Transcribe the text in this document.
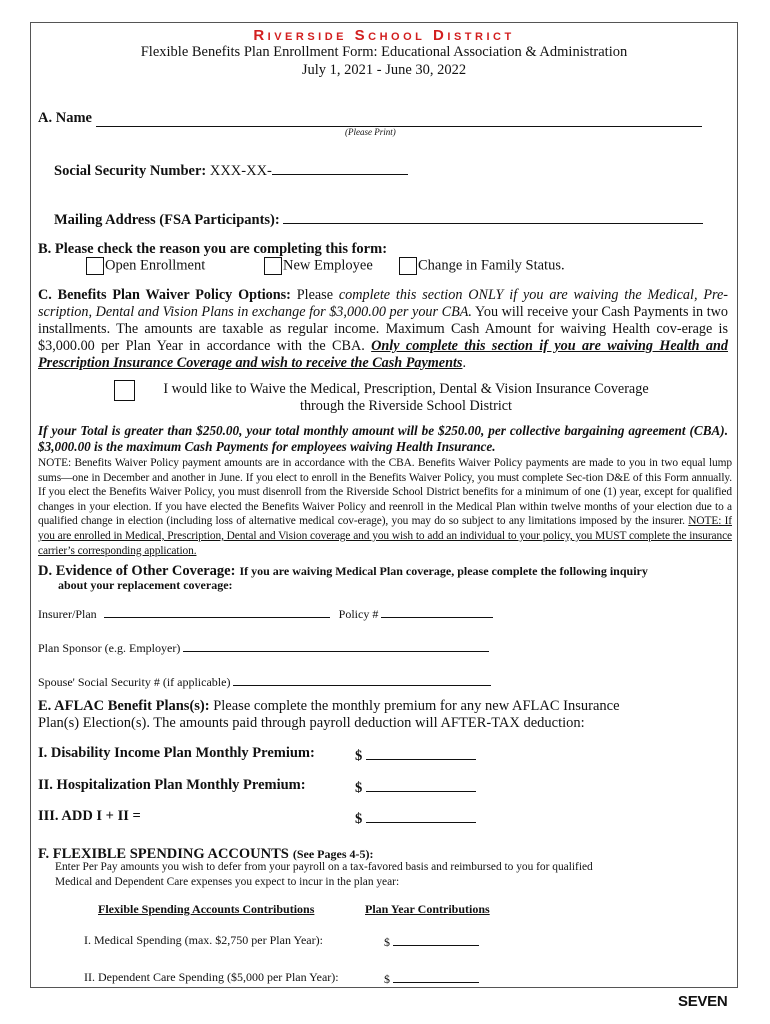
Riverside School District
Flexible Benefits Plan Enrollment Form: Educational Association & Administration
July 1, 2021 - June 30, 2022
A. Name
(Please Print)
Social Security Number: XXX-XX-
Mailing Address (FSA Participants):
B. Please check the reason you are completing this form:
Open Enrollment	New Employee	Change in Family Status.
C. Benefits Plan Waiver Policy Options: Please complete this section ONLY if you are waiving the Medical, Pre-scription, Dental and Vision Plans in exchange for $3,000.00 per your CBA. You will receive your Cash Payments in two installments. The amounts are taxable as regular income. Maximum Cash Amount for waiving Health cov-erage is $3,000.00 per Plan Year in accordance with the CBA. Only complete this section if you are waiving Health and Prescription Insurance Coverage and wish to receive the Cash Payments.
I would like to Waive the Medical, Prescription, Dental & Vision Insurance Coverage
through the Riverside School District
If your Total is greater than $250.00, your total monthly amount will be $250.00, per collective bargaining agreement (CBA). $3,000.00 is the maximum Cash Payments for employees waiving Health Insurance.
NOTE: Benefits Waiver Policy payment amounts are in accordance with the CBA. Benefits Waiver Policy payments are made to you in two equal lump sums—one in December and another in June. If you elect to enroll in the Benefits Waiver Policy, you must complete Sec-tion D&E of this Form annually. If you elect the Benefits Waiver Policy, you must disenroll from the Riverside School District benefits for a minimum of one (1) year, except for qualified changes in your election. If you have elected the Benefits Waiver Policy and reenroll in the Medical Plan within twelve months of your election due to a qualified change in election (including loss of alternative medical cov-erage), you may do so subject to any limitations imposed by the insurer. NOTE: If you are enrolled in Medical, Prescription, Dental and Vision coverage and you wish to add an individual to your policy, you MUST complete the insurance carrier’s corresponding application.
D. Evidence of Other Coverage: If you are waiving Medical Plan coverage, please complete the following inquiry
about your replacement coverage:
Insurer/Plan	Policy #
Plan Sponsor (e.g. Employer)
Spouse' Social Security # (if applicable)
E. AFLAC Benefit Plans(s): Please complete the monthly premium for any new AFLAC Insurance
Plan(s) Election(s). The amounts paid through payroll deduction will AFTER-TAX deduction:
I. Disability Income Plan Monthly Premium:	$
II. Hospitalization Plan Monthly Premium:	$
III. ADD I + II =	$
F. FLEXIBLE SPENDING ACCOUNTS (See Pages 4-5):
Enter Per Pay amounts you wish to defer from your payroll on a tax-favored basis and reimbursed to you for qualified
Medical and Dependent Care expenses you expect to incur in the plan year:
Flexible Spending Accounts Contributions	Plan Year Contributions
I. Medical Spending (max. $2,750 per Plan Year):	$
II. Dependent Care Spending ($5,000 per Plan Year):	$
SEVEN
